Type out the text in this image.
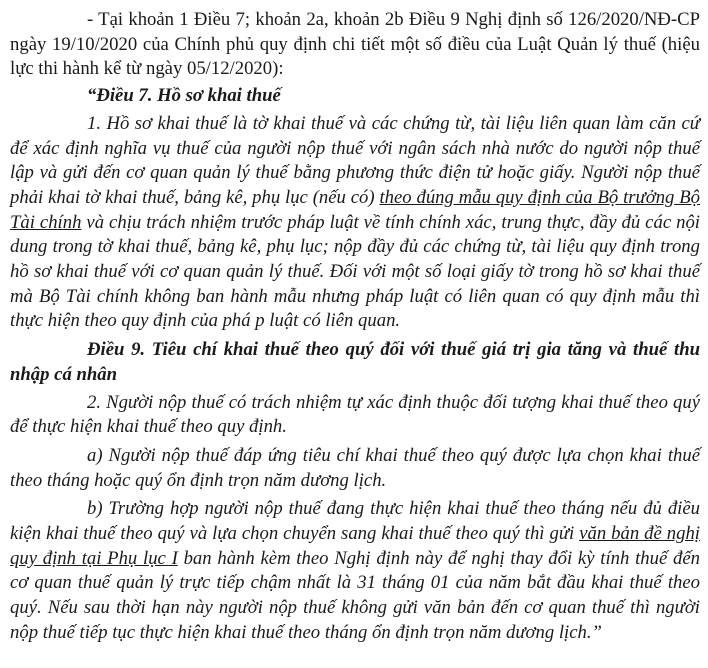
- Tại khoản 1 Điều 7; khoản 2a, khoản 2b Điều 9 Nghị định số 126/2020/NĐ-CP ngày 19/10/2020 của Chính phủ quy định chi tiết một số điều của Luật Quản lý thuế (hiệu lực thi hành kể từ ngày 05/12/2020):

“Điều 7. Hồ sơ khai thuế

1. Hồ sơ khai thuế là tờ khai thuế và các chứng từ, tài liệu liên quan làm căn cứ để xác định nghĩa vụ thuế của người nộp thuế với ngân sách nhà nước do người nộp thuế lập và gửi đến cơ quan quản lý thuế bằng phương thức điện tử hoặc giấy. Người nộp thuế phải khai tờ khai thuế, bảng kê, phụ lục (nếu có) theo đúng mẫu quy định của Bộ trưởng Bộ Tài chính và chịu trách nhiệm trước pháp luật về tính chính xác, trung thực, đầy đủ các nội dung trong tờ khai thuế, bảng kê, phụ lục; nộp đầy đủ các chứng từ, tài liệu quy định trong hồ sơ khai thuế với cơ quan quản lý thuế. Đối với một số loại giấy tờ trong hồ sơ khai thuế mà Bộ Tài chính không ban hành mẫu nhưng pháp luật có liên quan có quy định mẫu thì thực hiện theo quy định của phá p luật có liên quan.

Điều 9. Tiêu chí khai thuế theo quý đối với thuế giá trị gia tăng và thuế thu nhập cá nhân

2. Người nộp thuế có trách nhiệm tự xác định thuộc đối tượng khai thuế theo quý để thực hiện khai thuế theo quy định.

a) Người nộp thuế đáp ứng tiêu chí khai thuế theo quý được lựa chọn khai thuế theo tháng hoặc quý ổn định trọn năm dương lịch.

b) Trường hợp người nộp thuế đang thực hiện khai thuế theo tháng nếu đủ điều kiện khai thuế theo quý và lựa chọn chuyển sang khai thuế theo quý thì gửi văn bản đề nghị quy định tại Phụ lục I ban hành kèm theo Nghị định này để nghị thay đổi kỳ tính thuế đến cơ quan thuế quản lý trực tiếp chậm nhất là 31 tháng 01 của năm bắt đầu khai thuế theo quý. Nếu sau thời hạn này người nộp thuế không gửi văn bản đến cơ quan thuế thì người nộp thuế tiếp tục thực hiện khai thuế theo tháng ổn định trọn năm dương lịch.”
